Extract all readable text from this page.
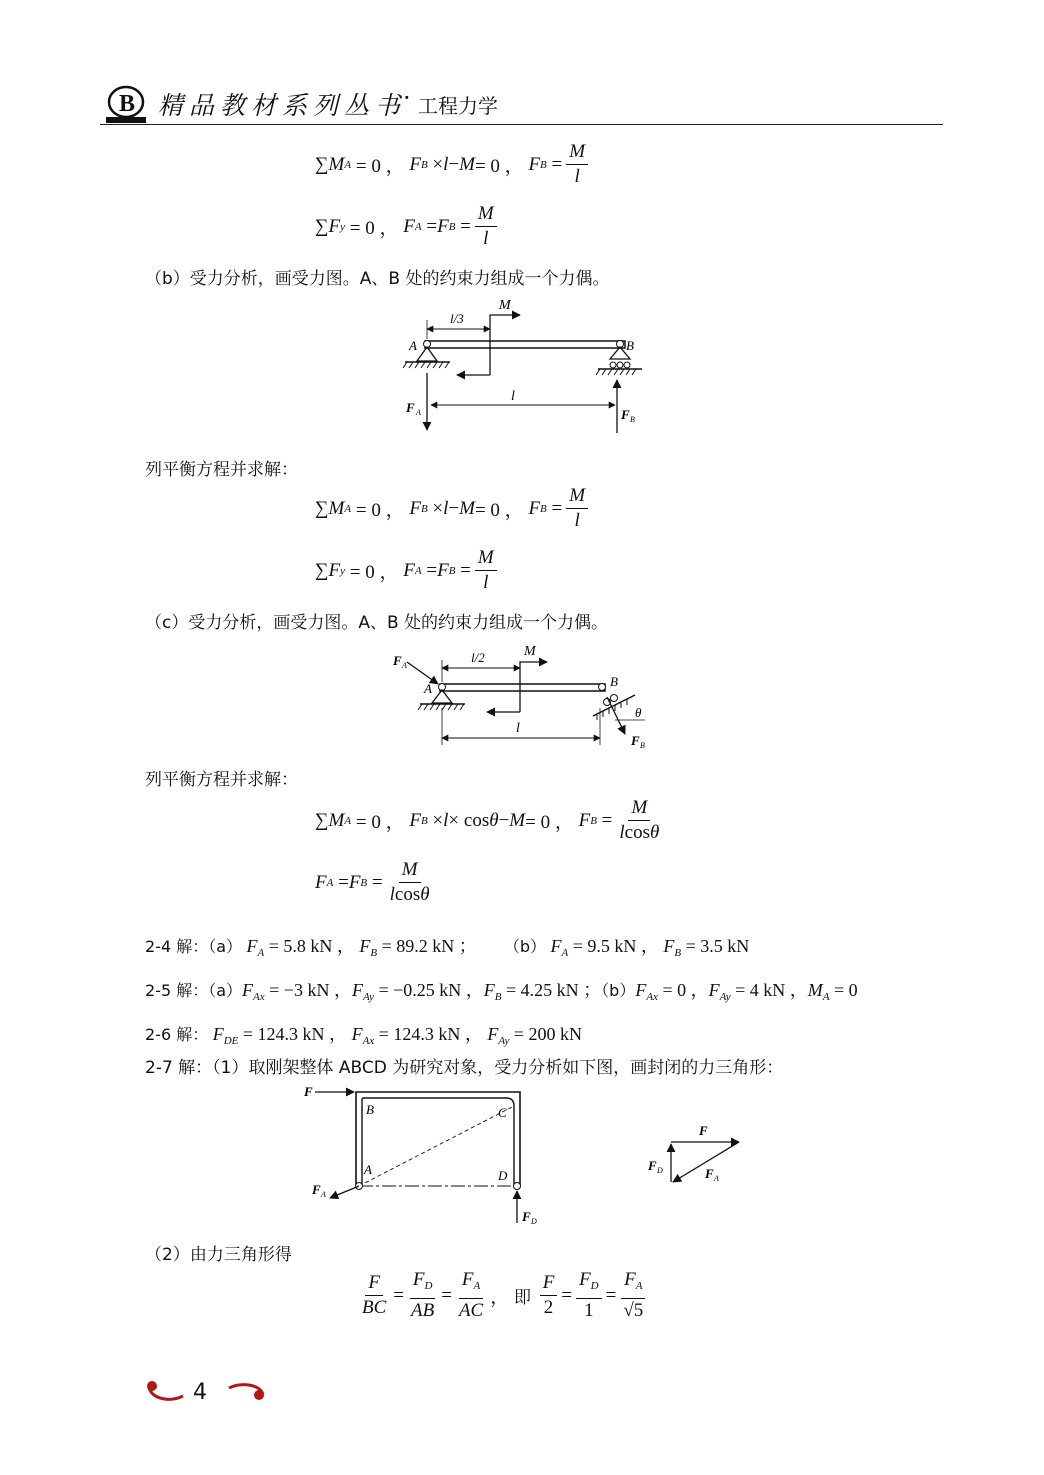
B 精品教材系列丛书
· 工程力学
∑ M A = 0 ， F B × l − M = 0 ， F $B = \frac{M}{l}$
∑ F y = 0 ， F A = F $B = \frac{M}{l}$
（b）受力分析，画受力图。A、B 处的约束力组成一个力偶。
l/3
M
A	B
l
F A	F B
列平衡方程并求解：
∑ M A = 0 ， F B × l − M = 0 ， F $B = \frac{M}{l}$
∑ F y = 0 ， F A = F $B = \frac{M}{l}$
（c）受力分析，画受力图。A、B 处的约束力组成一个力偶。
l/2	M
A	B
θ
l
F A
F B
列平衡方程并求解：
∑ M A = 0 ， F B × l × cos θ − M = 0 ， F $B = \frac{M}{lcos\theta}$
F A = F $B = \frac{M}{lcos\theta}$
2-4 解：（a） $F_A = 5.8$ kN ， $F_B = 89.2$ kN ；      （b） $F_A = 9.5$ kN ， $F_B = 3.5$ kN
2-5 解：$(a)F_{Ax} = -3$ kN ，$F_{Ay} = -0.25$ kN ，$F_B = 4.25$ kN ；$(b)F_{Ax} = 0$ ，$F_{Ay} = 4$ kN ，$M_A = 0$
2-6 解： $F_{DE} = 124.3$ kN ， $F_{Ax} = 124.3$ kN ， $F_{Ay} = 200$ kN
2-7 解：（1）取刚架整体 ABCD 为研究对象，受力分析如下图，画封闭的力三角形：
F
B	C
A	D
F A
F D
F
F D	F A
（2）由力三角形得
$\frac{F}{BC} = \frac{F_D}{AB} = \frac{F_A}{AC}$ ， 即
$\frac{F}{2} = \frac{F_D}{1} = \frac{F_A}{√5}$
4
